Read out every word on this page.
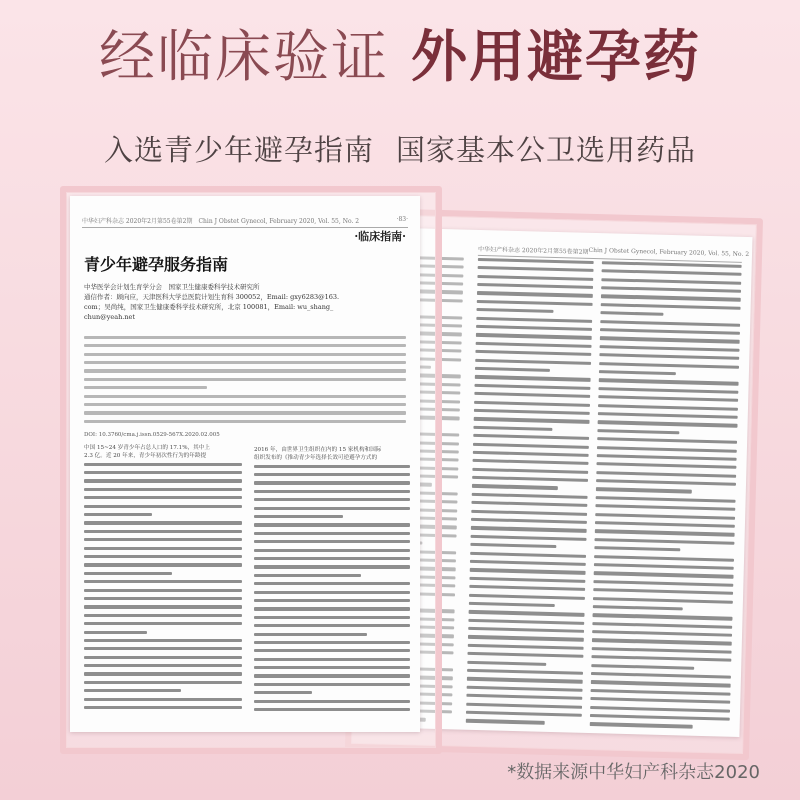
经临床验证 外用避孕药
入选青少年避孕指南 国家基本公卫选用药品
中华妇产科杂志 2020年2月第55卷第2期 Chin J Obstet Gynecol, February 2020, Vol. 55, No. 2
中华妇产科杂志 2020年2月第55卷第2期　Chin J Obstet Gynecol, February 2020, Vol. 55, No. 2	·83·
·临床指南·
青少年避孕服务指南
中华医学会计划生育学分会　国家卫生健康委科学技术研究所
通信作者：顾向应，天津医科大学总医院计划生育科 300052，Email: gxy6283@163.
com；吴尚纯，国家卫生健康委科学技术研究所，北京 100081，Email: wu_shang_
chun@yeah.net
DOI: 10.3760/cma.j.issn.0529-567X.2020.02.005
中国 15~24 岁青少年占总人口的 17.1%，其中上
2.3 亿。近 20 年来，青少年初次性行为的年龄提
2016 年，由世界卫生组织在内的 15 家机构和国际
组织发布的《推动青少年选择长效可逆避孕方式的
*数据来源中华妇产科杂志2020
